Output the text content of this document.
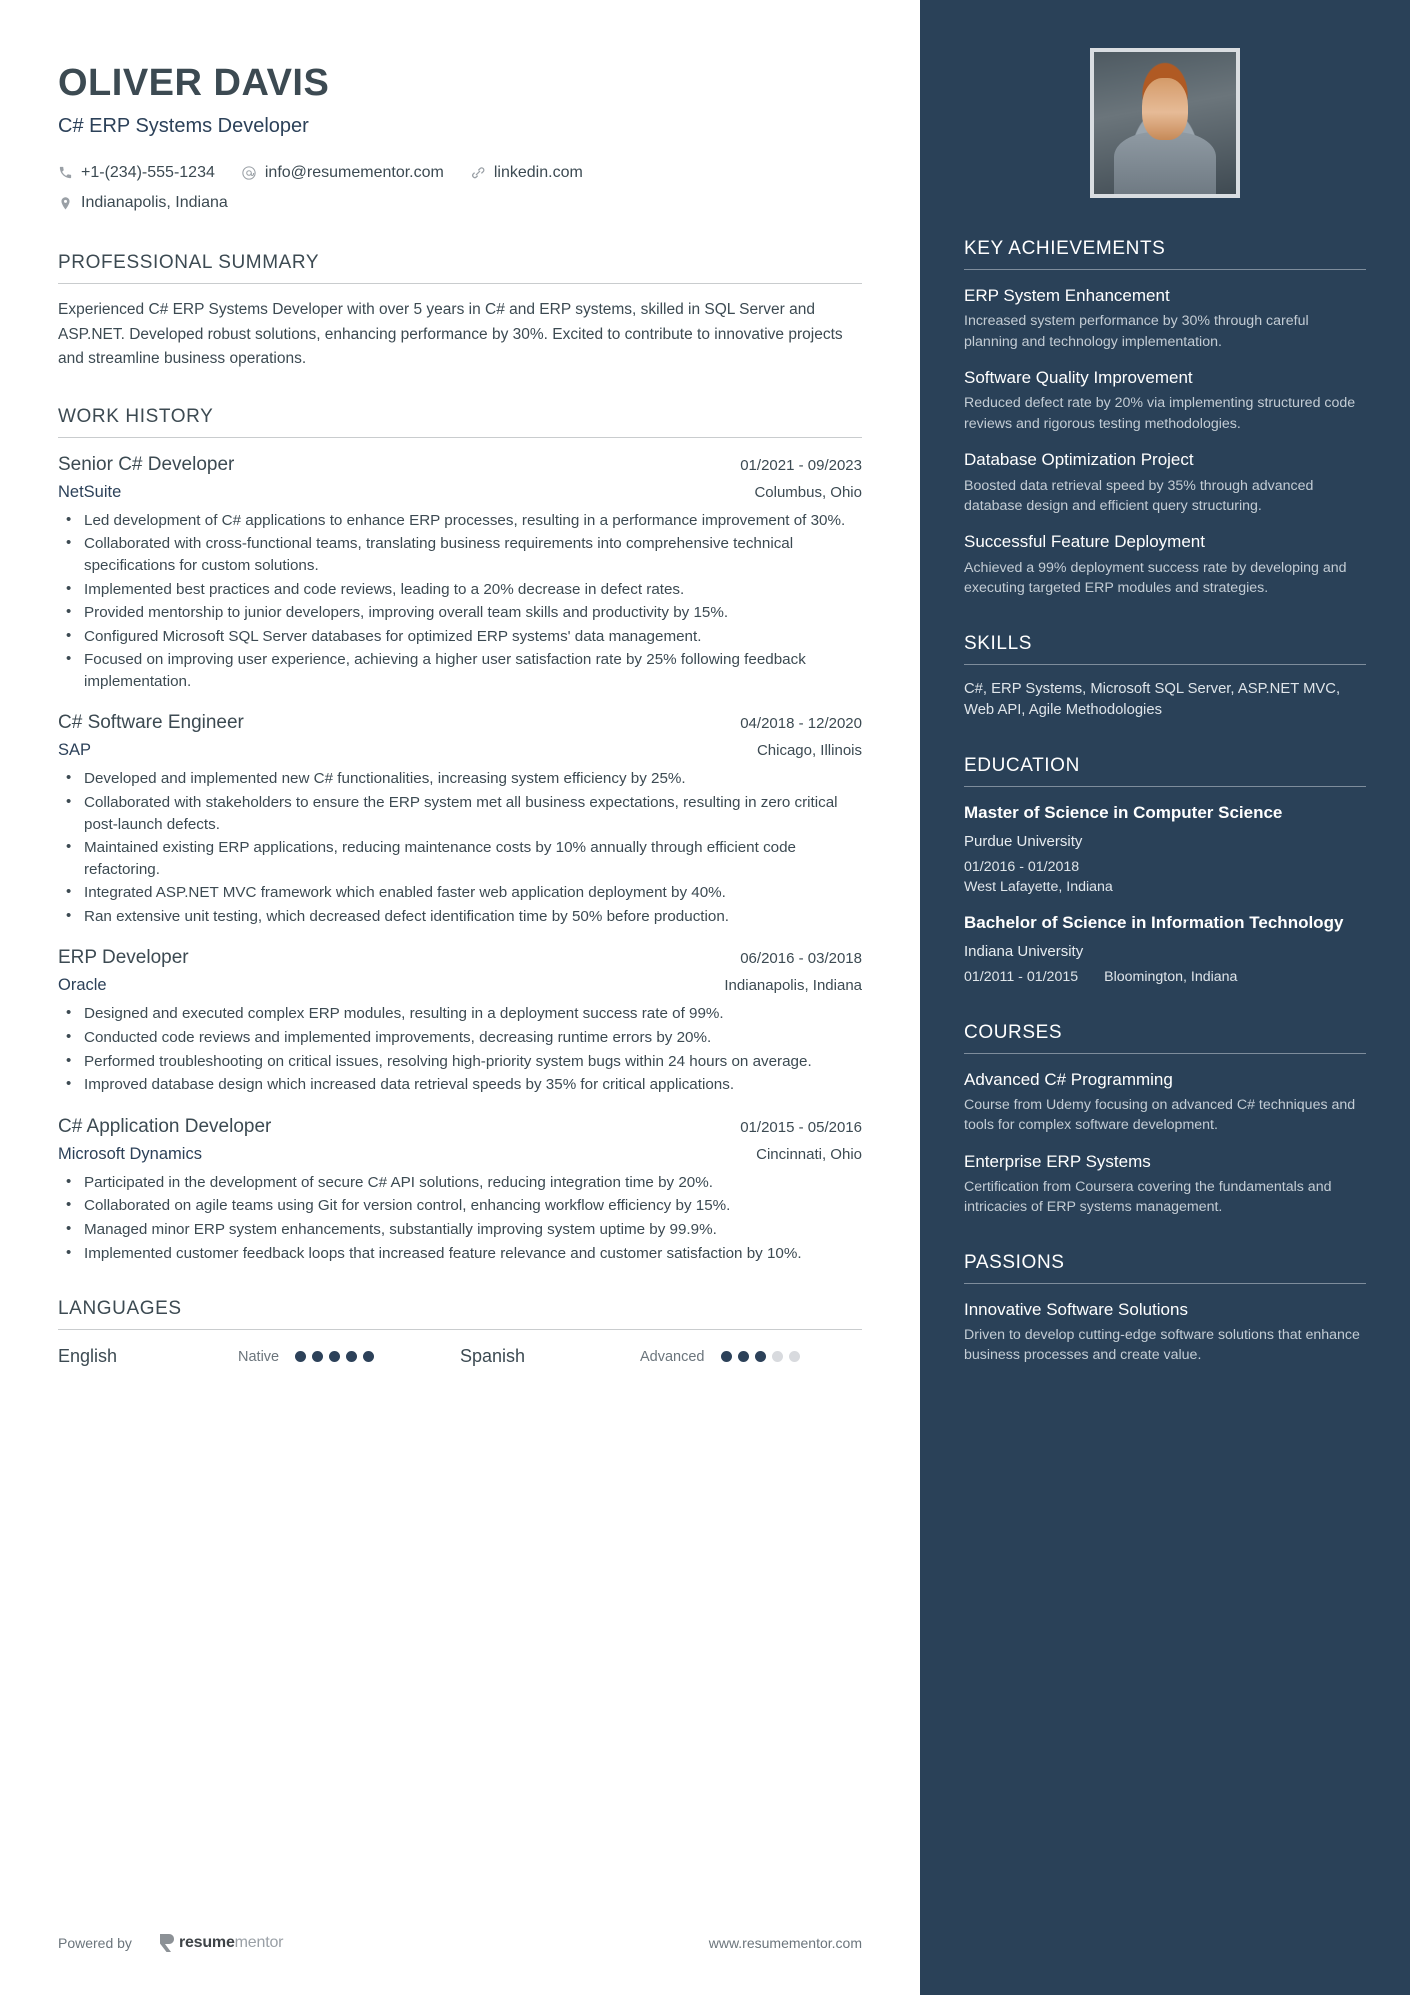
OLIVER DAVIS
C# ERP Systems Developer
+1-(234)-555-1234	info@resumementor.com	linkedin.com
Indianapolis, Indiana
PROFESSIONAL SUMMARY
Experienced C# ERP Systems Developer with over 5 years in C# and ERP systems, skilled in SQL Server and ASP.NET. Developed robust solutions, enhancing performance by 30%. Excited to contribute to innovative projects and streamline business operations.
WORK HISTORY
Senior C# Developer	01/2021 - 09/2023
NetSuite	Columbus, Ohio
• Led development of C# applications to enhance ERP processes, resulting in a performance improvement of 30%.
• Collaborated with cross-functional teams, translating business requirements into comprehensive technical specifications for custom solutions.
• Implemented best practices and code reviews, leading to a 20% decrease in defect rates.
• Provided mentorship to junior developers, improving overall team skills and productivity by 15%.
• Configured Microsoft SQL Server databases for optimized ERP systems' data management.
• Focused on improving user experience, achieving a higher user satisfaction rate by 25% following feedback implementation.
C# Software Engineer	04/2018 - 12/2020
SAP	Chicago, Illinois
• Developed and implemented new C# functionalities, increasing system efficiency by 25%.
• Collaborated with stakeholders to ensure the ERP system met all business expectations, resulting in zero critical post-launch defects.
• Maintained existing ERP applications, reducing maintenance costs by 10% annually through efficient code refactoring.
• Integrated ASP.NET MVC framework which enabled faster web application deployment by 40%.
• Ran extensive unit testing, which decreased defect identification time by 50% before production.
ERP Developer	06/2016 - 03/2018
Oracle	Indianapolis, Indiana
• Designed and executed complex ERP modules, resulting in a deployment success rate of 99%.
• Conducted code reviews and implemented improvements, decreasing runtime errors by 20%.
• Performed troubleshooting on critical issues, resolving high-priority system bugs within 24 hours on average.
• Improved database design which increased data retrieval speeds by 35% for critical applications.
C# Application Developer	01/2015 - 05/2016
Microsoft Dynamics	Cincinnati, Ohio
• Participated in the development of secure C# API solutions, reducing integration time by 20%.
• Collaborated on agile teams using Git for version control, enhancing workflow efficiency by 15%.
• Managed minor ERP system enhancements, substantially improving system uptime by 99.9%.
• Implemented customer feedback loops that increased feature relevance and customer satisfaction by 10%.
LANGUAGES
English	Native	Spanish	Advanced
Powered by	resumementor	www.resumementor.com
KEY ACHIEVEMENTS
ERP System Enhancement
Increased system performance by 30% through careful planning and technology implementation.
Software Quality Improvement
Reduced defect rate by 20% via implementing structured code reviews and rigorous testing methodologies.
Database Optimization Project
Boosted data retrieval speed by 35% through advanced database design and efficient query structuring.
Successful Feature Deployment
Achieved a 99% deployment success rate by developing and executing targeted ERP modules and strategies.
SKILLS
C#, ERP Systems, Microsoft SQL Server, ASP.NET MVC, Web API, Agile Methodologies
EDUCATION
Master of Science in Computer Science
Purdue University
01/2016 - 01/2018
West Lafayette, Indiana
Bachelor of Science in Information Technology
Indiana University
01/2011 - 01/2015 Bloomington, Indiana
COURSES
Advanced C# Programming
Course from Udemy focusing on advanced C# techniques and tools for complex software development.
Enterprise ERP Systems
Certification from Coursera covering the fundamentals and intricacies of ERP systems management.
PASSIONS
Innovative Software Solutions
Driven to develop cutting-edge software solutions that enhance business processes and create value.
